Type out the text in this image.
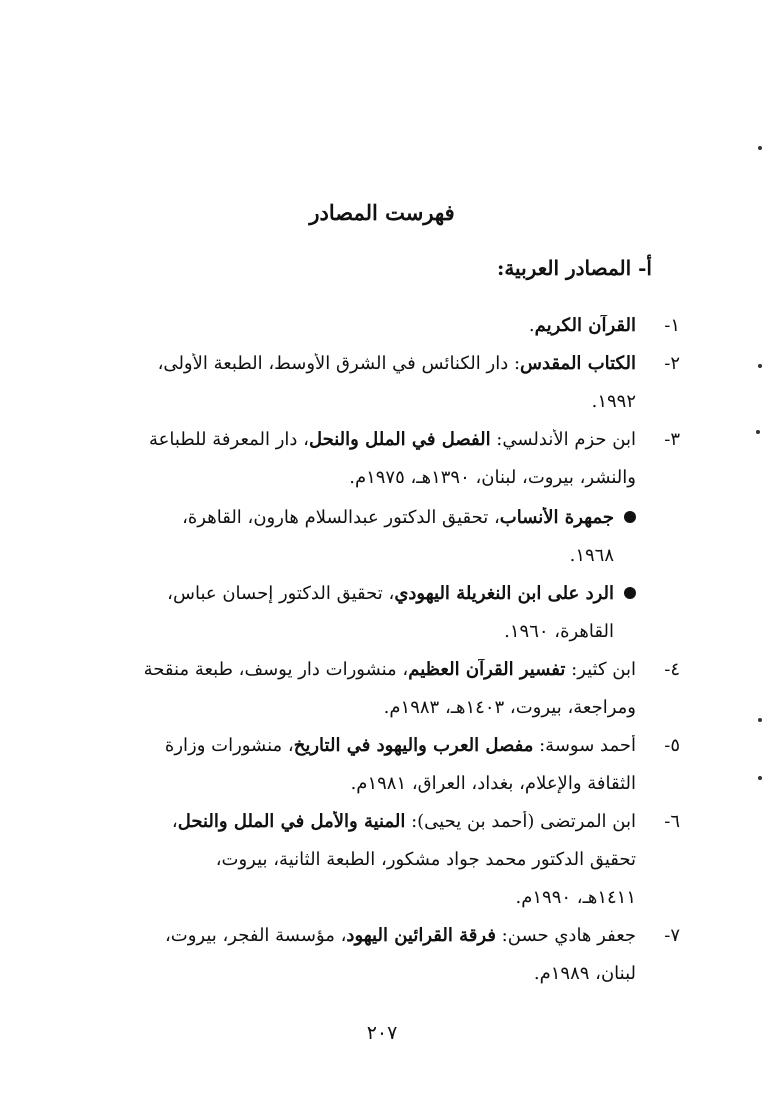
فهرست المصادر
أ- المصادر العربية:
١-
القرآن الكريم.
٢-
الكتاب المقدس: دار الكنائس في الشرق الأوسط، الطبعة الأولى،
١٩٩٢.
٣-
ابن حزم الأندلسي: الفصل في الملل والنحل، دار المعرفة للطباعة
والنشر، بيروت، لبنان، ١٣٩٠هـ، ١٩٧٥م.
جمهرة الأنساب، تحقيق الدكتور عبدالسلام هارون، القاهرة،
١٩٦٨.
الرد على ابن النغريلة اليهودي، تحقيق الدكتور إحسان عباس،
القاهرة، ١٩٦٠.
٤-
ابن كثير: تفسير القرآن العظيم، منشورات دار يوسف، طبعة منقحة
ومراجعة، بيروت، ١٤٠٣هـ، ١٩٨٣م.
٥-
أحمد سوسة: مفصل العرب واليهود في التاريخ، منشورات وزارة
الثقافة والإعلام، بغداد، العراق، ١٩٨١م.
٦-
ابن المرتضى (أحمد بن يحيى): المنية والأمل في الملل والنحل،
تحقيق الدكتور محمد جواد مشكور، الطبعة الثانية، بيروت،
١٤١١هـ، ١٩٩٠م.
٧-
جعفر هادي حسن: فرقة القرائين اليهود، مؤسسة الفجر، بيروت،
لبنان، ١٩٨٩م.
٢٠٧
